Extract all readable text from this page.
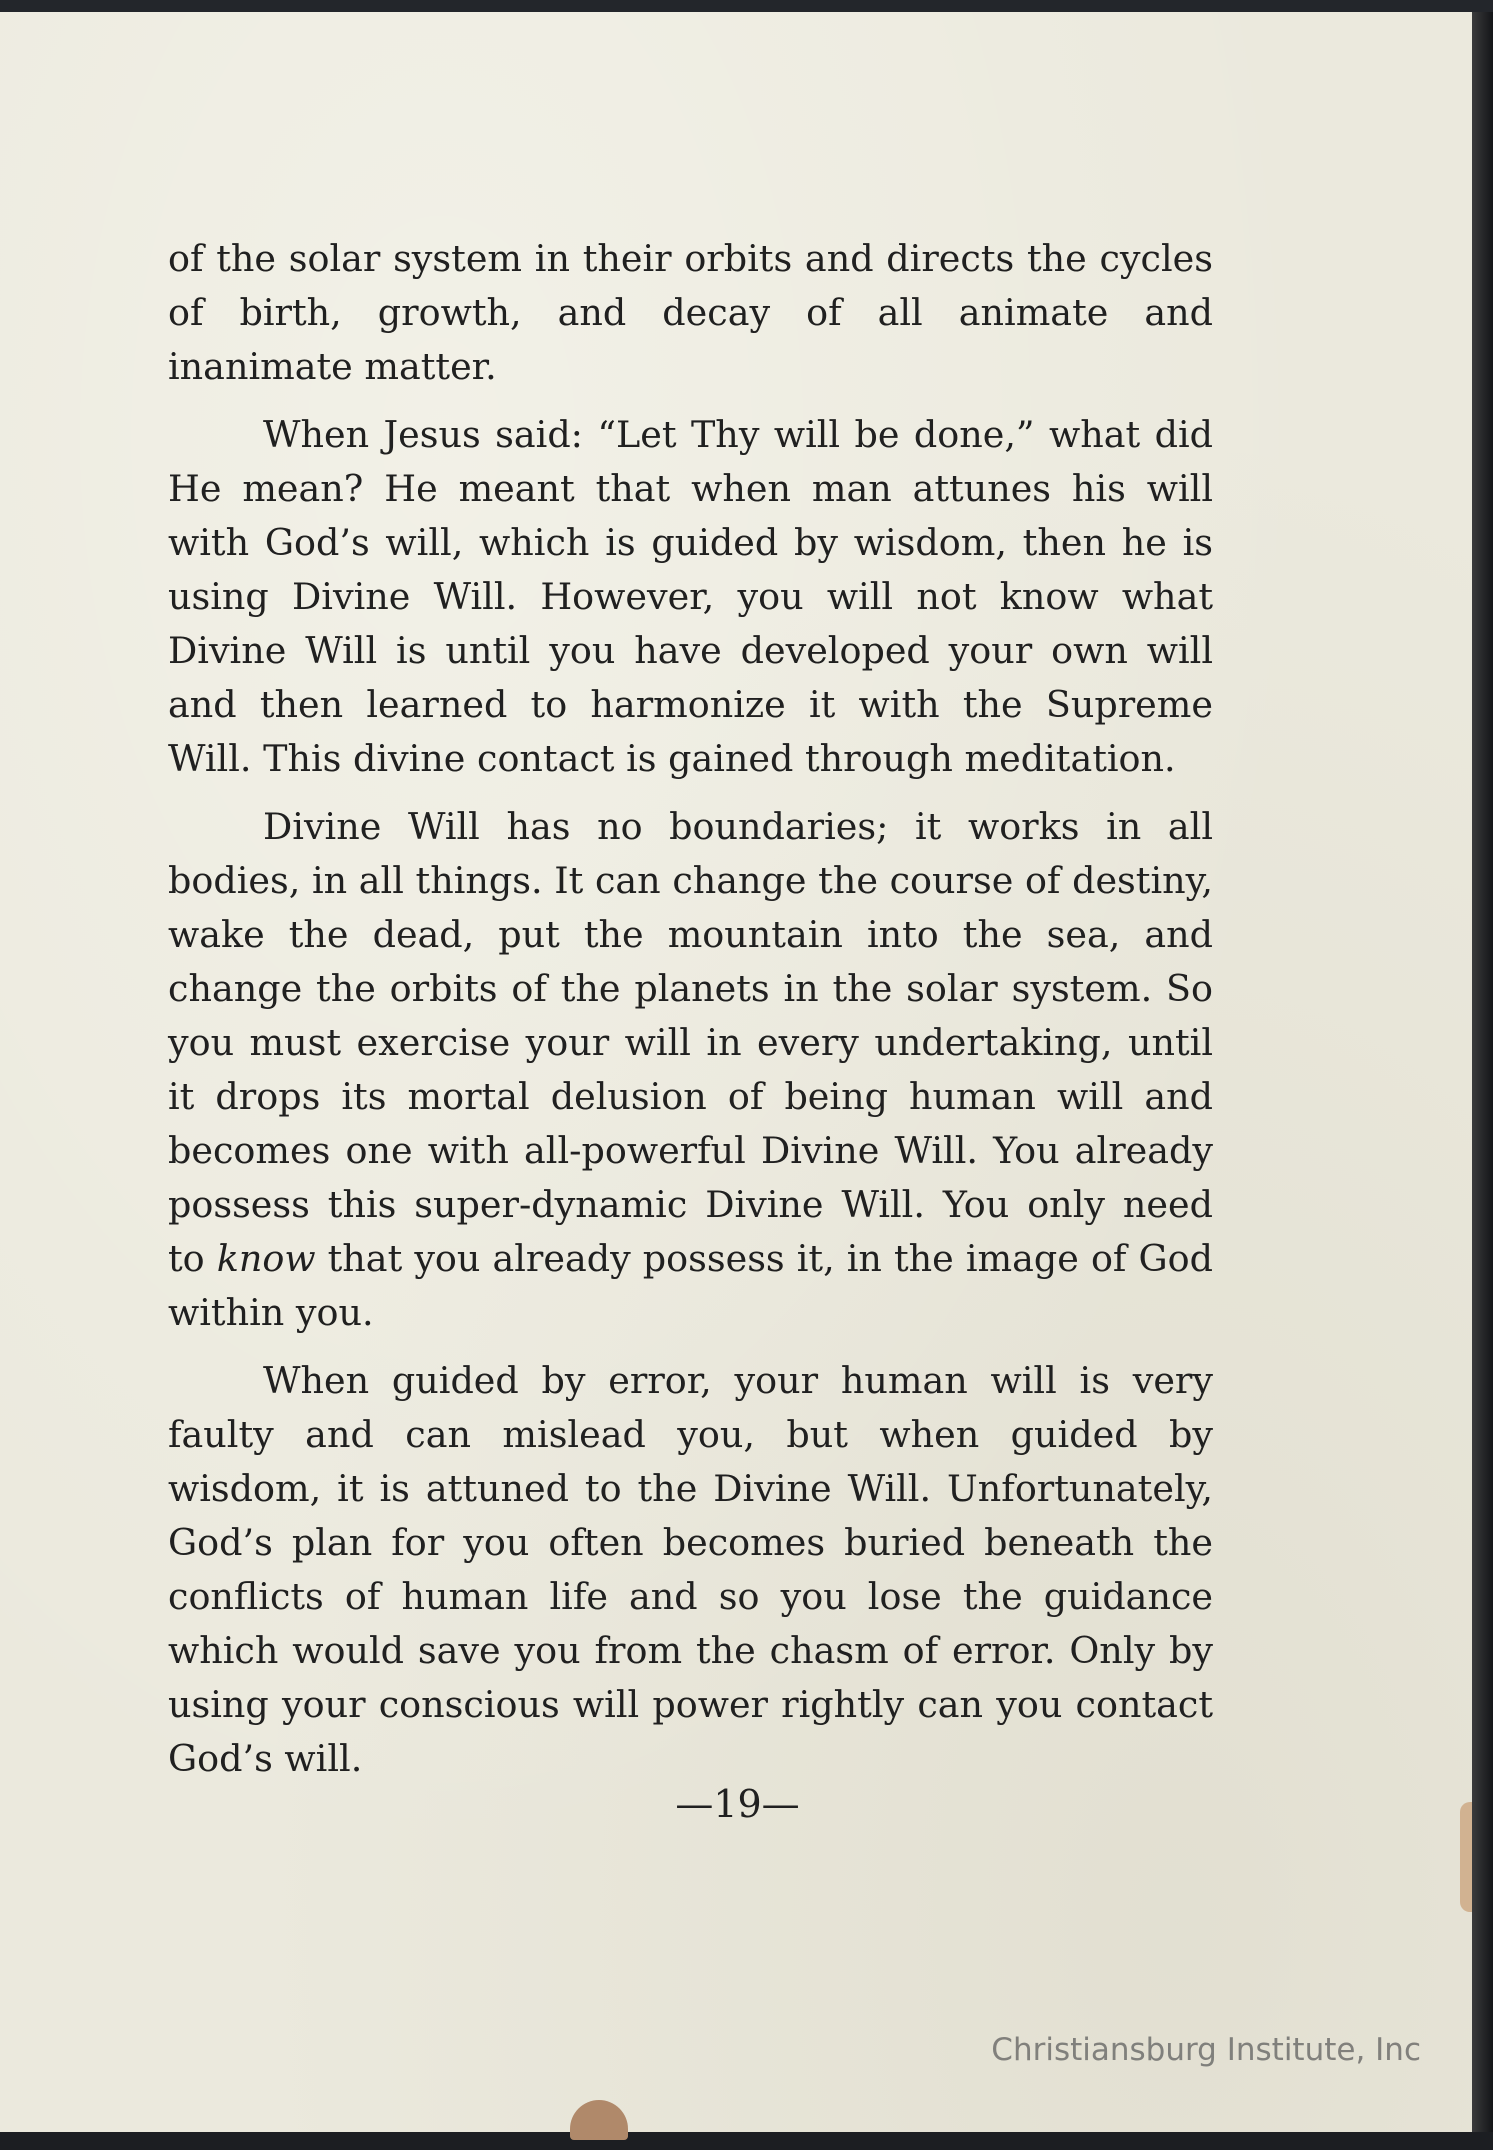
of the solar system in their orbits and directs the cycles of birth, growth, and decay of all animate and inanimate matter.

When Jesus said: “Let Thy will be done,” what did He mean? He meant that when man attunes his will with God’s will, which is guided by wisdom, then he is using Divine Will. However, you will not know what Divine Will is until you have developed your own will and then learned to harmonize it with the Supreme Will. This divine contact is gained through meditation.

Divine Will has no boundaries; it works in all bodies, in all things. It can change the course of destiny, wake the dead, put the mountain into the sea, and change the orbits of the planets in the solar system. So you must exercise your will in every undertaking, until it drops its mortal delusion of being human will and becomes one with all-powerful Divine Will. You already possess this super-dynamic Divine Will. You only need to know that you already possess it, in the image of God within you.

When guided by error, your human will is very faulty and can mislead you, but when guided by wisdom, it is attuned to the Divine Will. Unfortunately, God’s plan for you often becomes buried beneath the conflicts of human life and so you lose the guidance which would save you from the chasm of error. Only by using your conscious will power rightly can you contact God’s will.

—19—
Christiansburg Institute, Inc
